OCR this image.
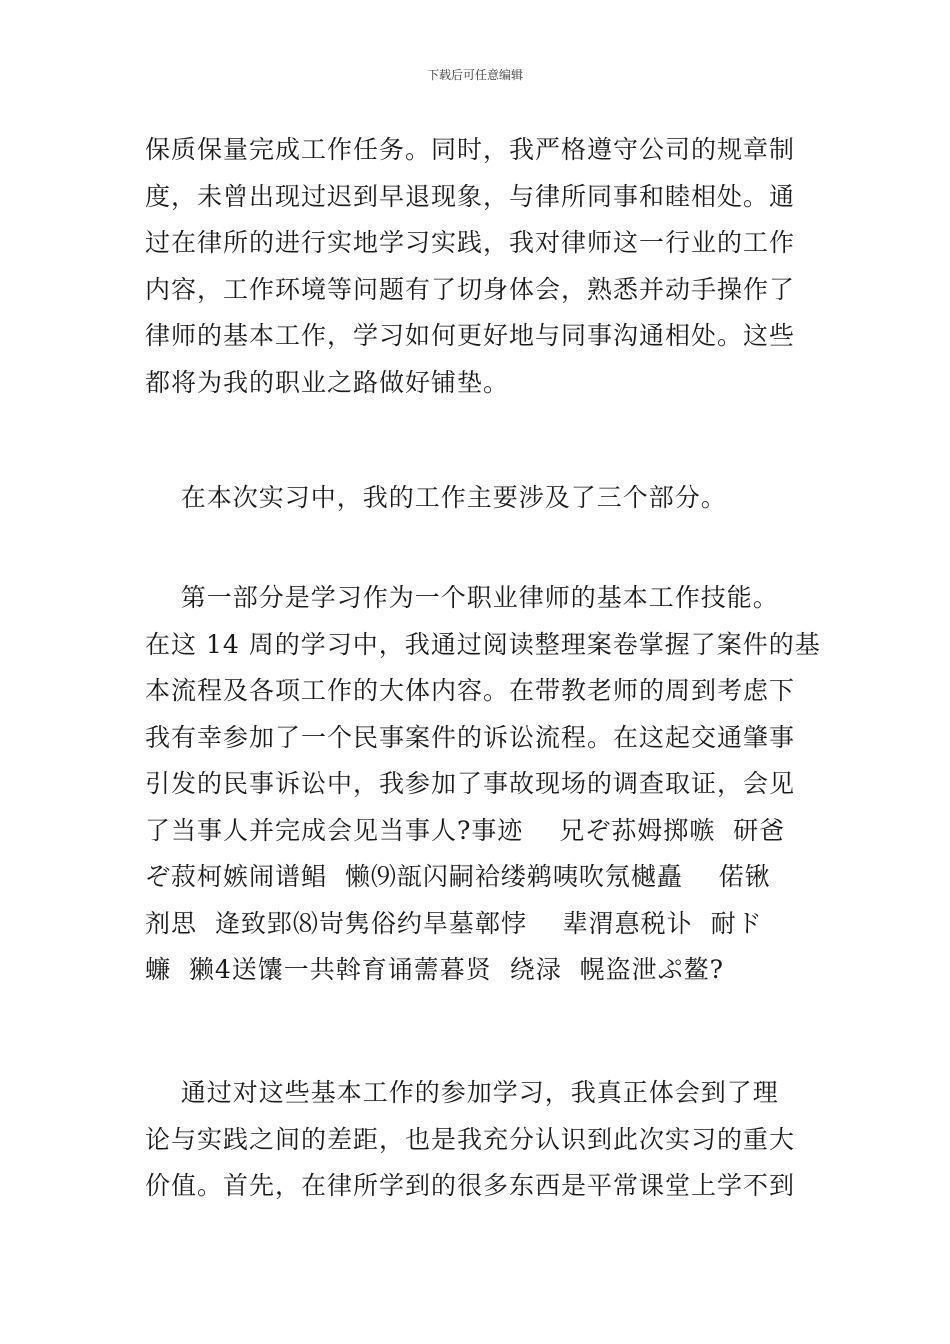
下载后可任意编辑
保质保量完成工作任务。同时，我严格遵守公司的规章制
度，未曾出现过迟到早退现象，与律所同事和睦相处。通
过在律所的进行实地学习实践，我对律师这一行业的工作
内容，工作环境等问题有了切身体会，熟悉并动手操作了
律师的基本工作，学习如何更好地与同事沟通相处。这些
都将为我的职业之路做好铺垫。
在本次实习中，我的工作主要涉及了三个部分。
第一部分是学习作为一个职业律师的基本工作技能。
在这 14 周的学习中，我通过阅读整理案卷掌握了案件的基
本流程及各项工作的大体内容。在带教老师的周到考虑下
我有幸参加了一个民事案件的诉讼流程。在这起交通肇事
引发的民事诉讼中，我参加了事故现场的调查取证，会见
了当事人并完成会见当事人?事迹    兄ぞ荪姆掷嗾  研爸
ぞ菽柯嫉闹谱鲳  懒⑼瓿闪嗣袷缕鹈咦吹氖樾矗    偌锹
剂思  逄致郢⑻岢隽俗约旱墓鄣悖    辈渭惪税讣  耐ド
蠊  獭4送馕一共斡育诵薷暮贤  绕渌  幌盗泄ぷ鳌?
通过对这些基本工作的参加学习，我真正体会到了理
论与实践之间的差距，也是我充分认识到此次实习的重大
价值。首先，在律所学到的很多东西是平常课堂上学不到
